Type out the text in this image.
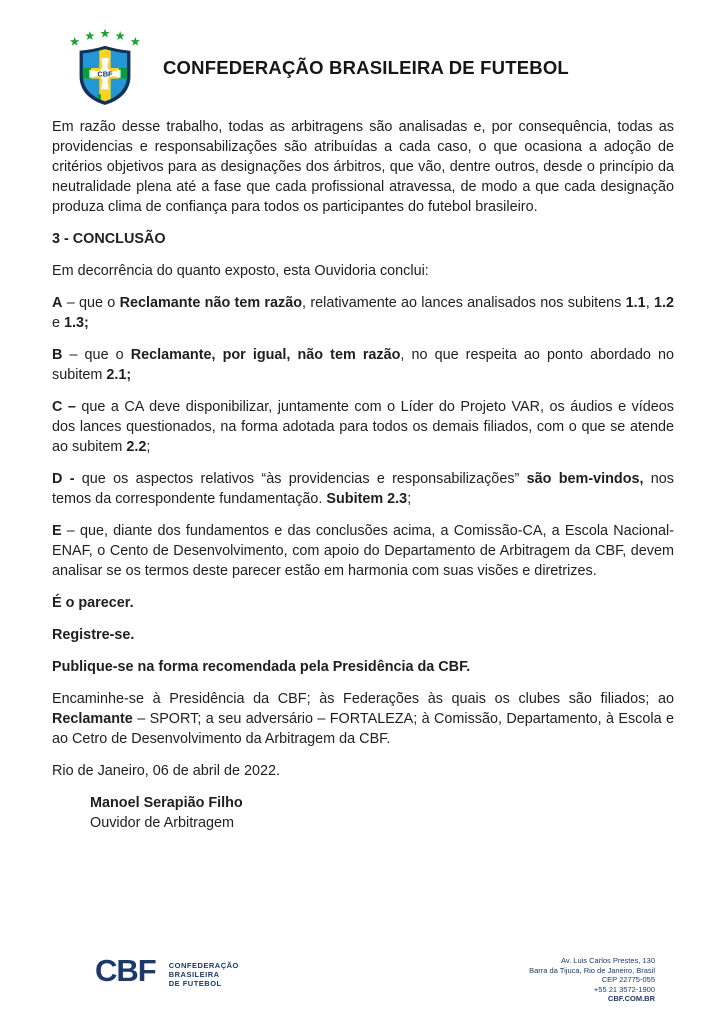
CBF	CONFEDERAÇÃO BRASILEIRA DE FUTEBOL

Em razão desse trabalho, todas as arbitragens são analisadas e, por consequência, todas as providencias e responsabilizações são atribuídas a cada caso, o que ocasiona a adoção de critérios objetivos para as designações dos árbitros, que vão, dentre outros, desde o princípio da neutralidade plena até a fase que cada profissional atravessa, de modo a que cada designação produza clima de confiança para todos os participantes do futebol brasileiro.

3 - CONCLUSÃO

Em decorrência do quanto exposto, esta Ouvidoria conclui:

A – que o Reclamante não tem razão, relativamente ao lances analisados nos subitens 1.1, 1.2 e 1.3;

B – que o Reclamante, por igual, não tem razão, no que respeita ao ponto abordado no subitem 2.1;

C – que a CA deve disponibilizar, juntamente com o Líder do Projeto VAR, os áudios e vídeos dos lances questionados, na forma adotada para todos os demais filiados, com o que se atende ao subitem 2.2;

D - que os aspectos relativos “às providencias e responsabilizações” são bem-vindos, nos temos da correspondente fundamentação. Subitem 2.3;

E – que, diante dos fundamentos e das conclusões acima, a Comissão-CA, a Escola Nacional-ENAF, o Cento de Desenvolvimento, com apoio do Departamento de Arbitragem da CBF, devem analisar se os termos deste parecer estão em harmonia com suas visões e diretrizes.

É o parecer.

Registre-se.

Publique-se na forma recomendada pela Presidência da CBF.

Encaminhe-se à Presidência da CBF; às Federações às quais os clubes são filiados; ao Reclamante – SPORT; a seu adversário – FORTALEZA; à Comissão, Departamento, à Escola e ao Cetro de Desenvolvimento da Arbitragem da CBF.

Rio de Janeiro, 06 de abril de 2022.

Manoel Serapião Filho

Ouvidor de Arbitragem

CBF CONFEDERAÇÃO
BRASILEIRA
DE FUTEBOL
Av. Luis Carlos Prestes, 130
Barra da Tijuca, Rio de Janeiro, Brasil
CEP 22775-055
+55 21 3572-1900
CBF.COM.BR
